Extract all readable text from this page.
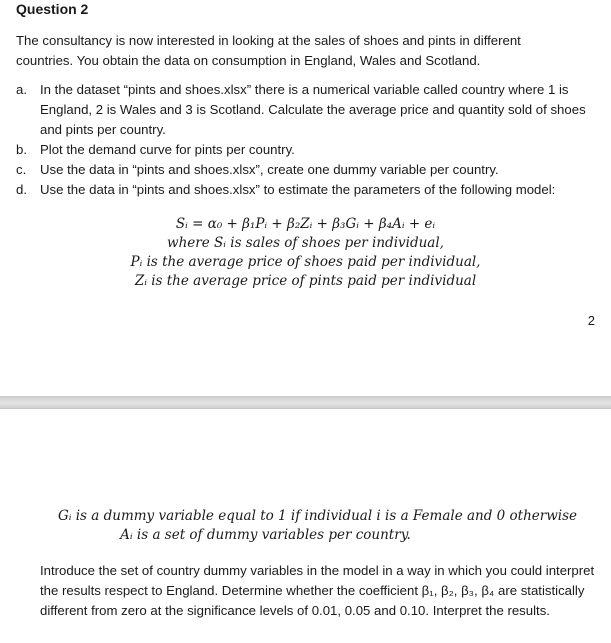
Question 2
The consultancy is now interested in looking at the sales of shoes and pints in different countries. You obtain the data on consumption in England, Wales and Scotland.
a. In the dataset “pints and shoes.xlsx” there is a numerical variable called country where 1 is England, 2 is Wales and 3 is Scotland. Calculate the average price and quantity sold of shoes and pints per country.
b. Plot the demand curve for pints per country.
c.	Use the data in “pints and shoes.xlsx”, create one dummy variable per country.
d. Use the data in “pints and shoes.xlsx” to estimate the parameters of the following model:
Sᵢ = α₀ + β₁Pᵢ + β₂Zᵢ + β₃Gᵢ + β₄Aᵢ + eᵢ
where Sᵢ is sales of shoes per individual,
Pᵢ is the average price of shoes paid per individual,
Zᵢ is the average price of pints paid per individual
2
Gᵢ is a dummy variable equal to 1 if individual i is a Female and 0 otherwise
Aᵢ is a set of dummy variables per country.
Introduce the set of country dummy variables in the model in a way in which you could interpret the results respect to England. Determine whether the coefficient β₁, β₂, β₃, β₄ are statistically different from zero at the significance levels of 0.01, 0.05 and 0.10. Interpret the results.
